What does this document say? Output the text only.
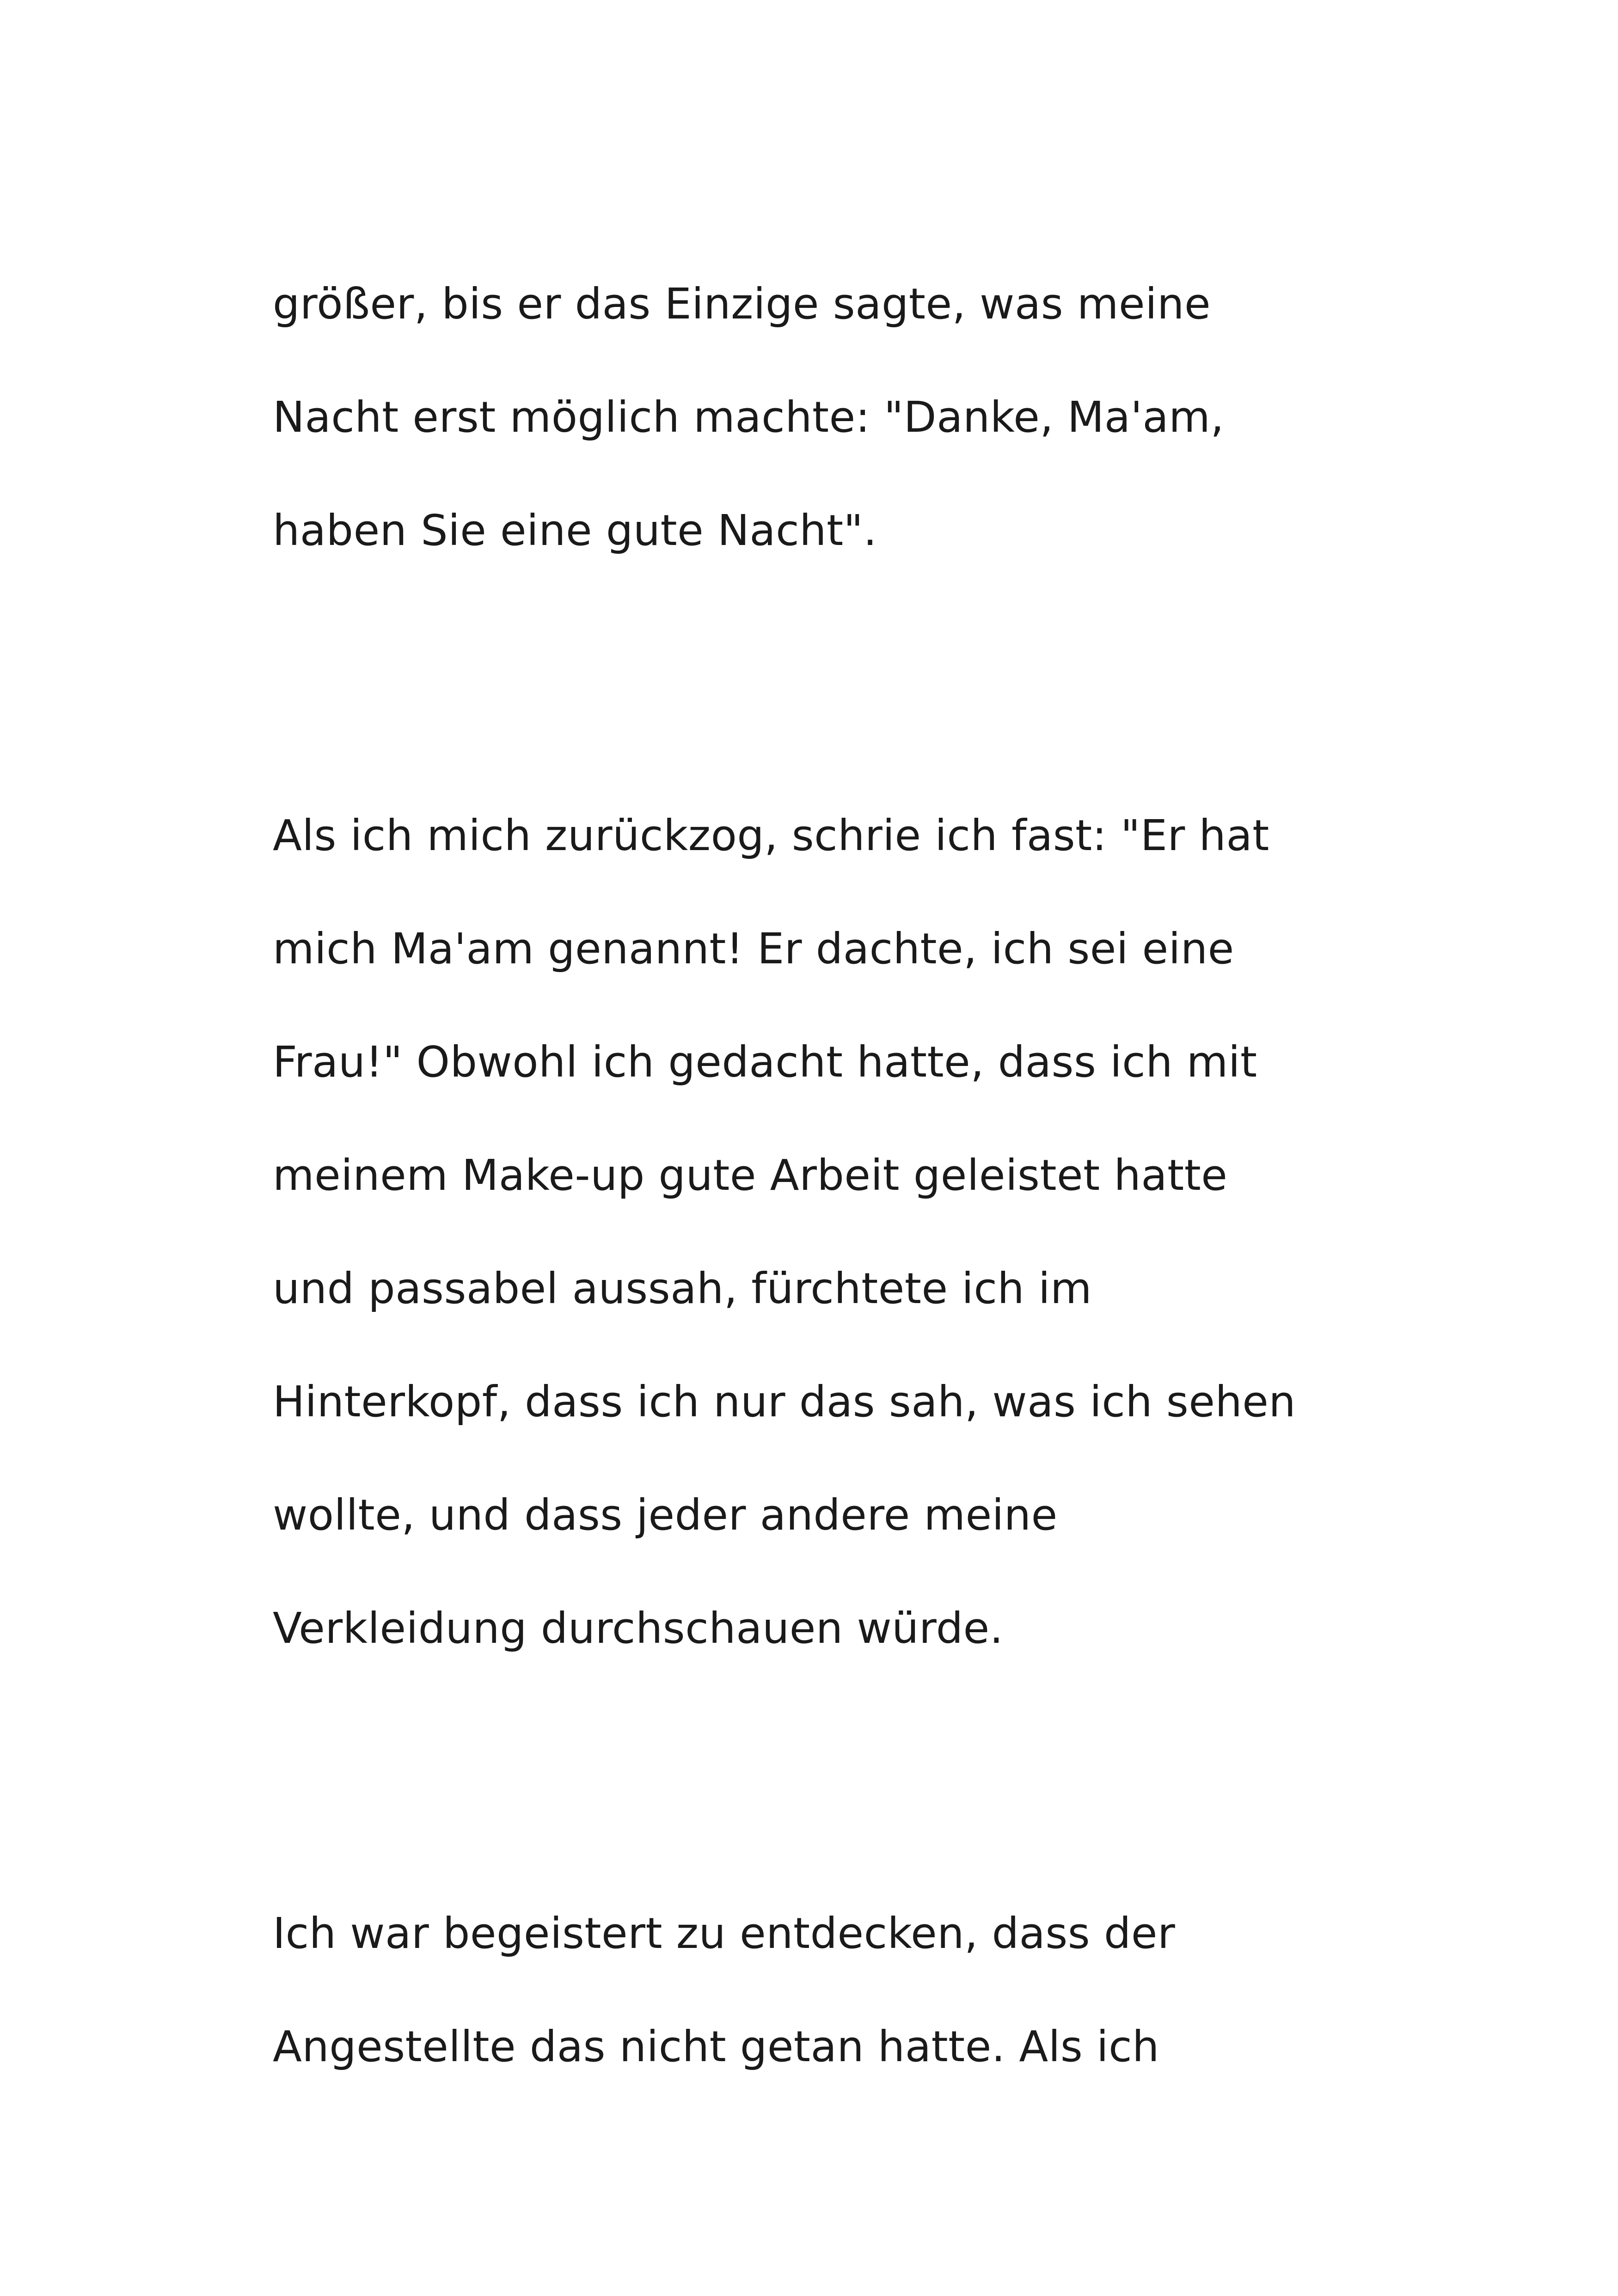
größer, bis er das Einzige sagte, was meine
Nacht erst möglich machte: "Danke, Ma'am,
haben Sie eine gute Nacht".
Als ich mich zurückzog, schrie ich fast: "Er hat
mich Ma'am genannt! Er dachte, ich sei eine
Frau!" Obwohl ich gedacht hatte, dass ich mit
meinem Make-up gute Arbeit geleistet hatte
und passabel aussah, fürchtete ich im
Hinterkopf, dass ich nur das sah, was ich sehen
wollte, und dass jeder andere meine
Verkleidung durchschauen würde.
Ich war begeistert zu entdecken, dass der
Angestellte das nicht getan hatte. Als ich
